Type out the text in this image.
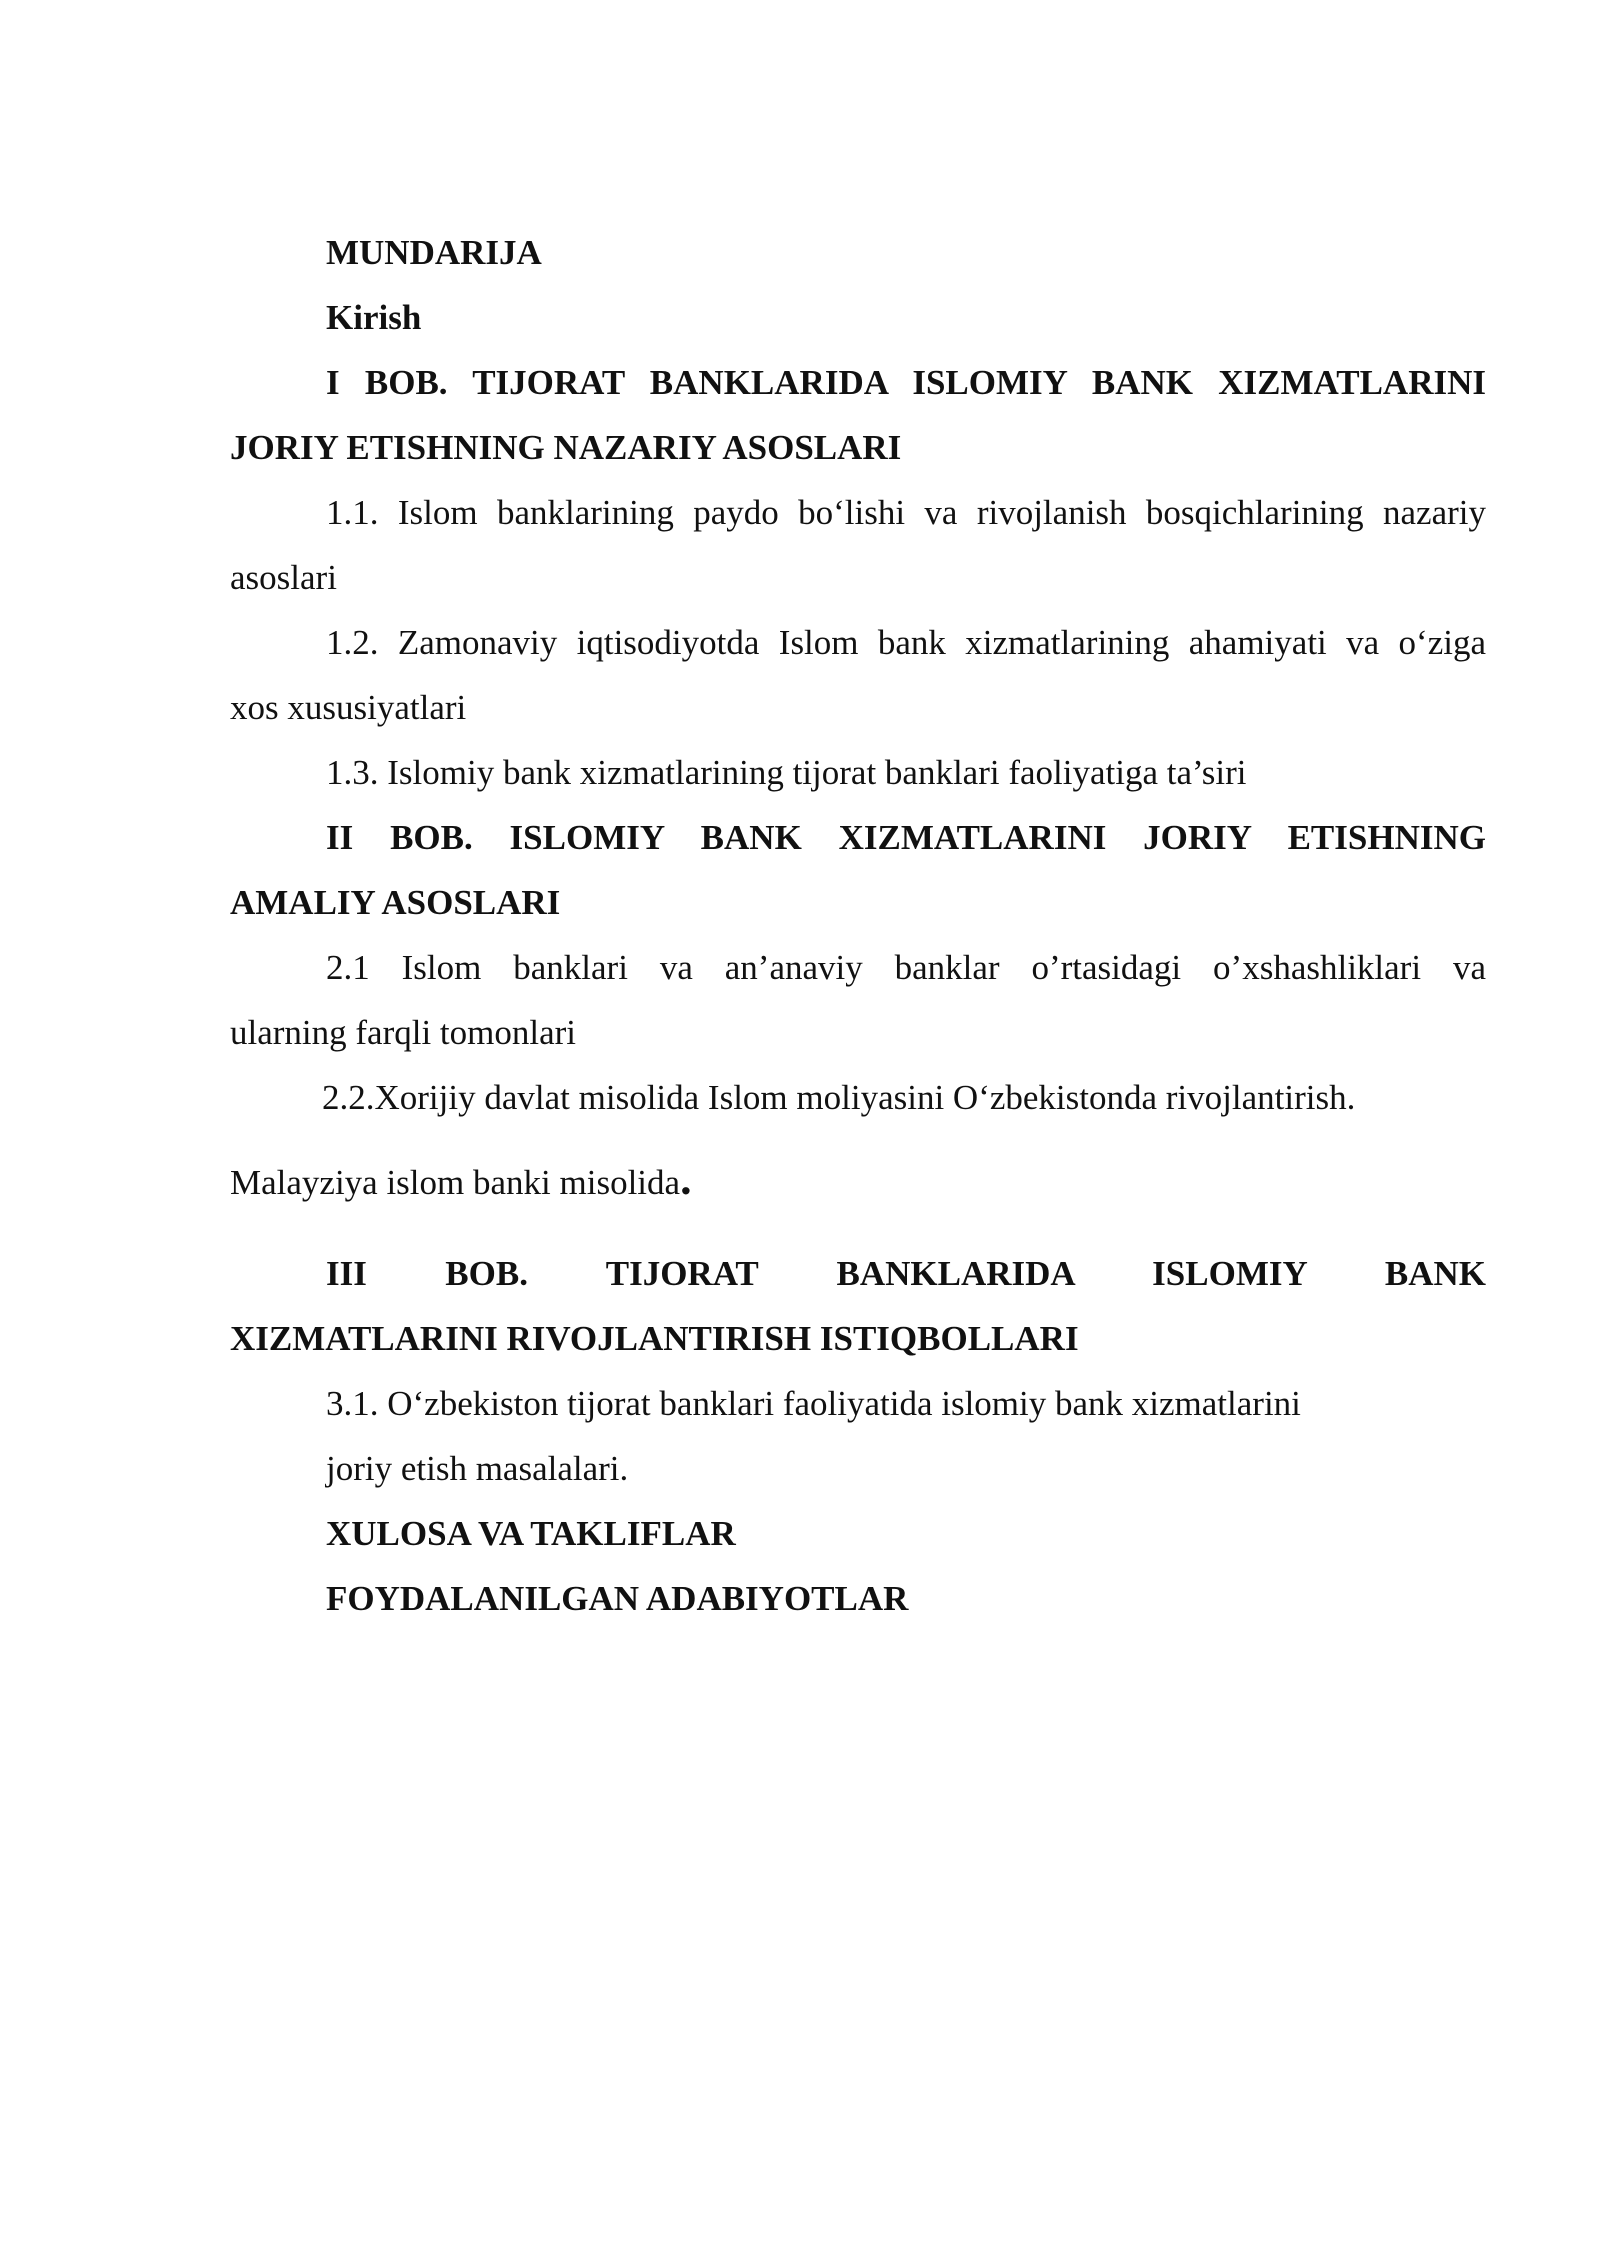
MUNDARIJA
Kirish
I BOB. TIJORAT BANKLARIDA ISLOMIY BANK XIZMATLARINI
JORIY ETISHNING NAZARIY ASOSLARI
1.1. Islom banklarining paydo bo‘lishi va rivojlanish bosqichlarining nazariy
asoslari
1.2. Zamonaviy iqtisodiyotda Islom bank xizmatlarining ahamiyati va o‘ziga
xos xususiyatlari
1.3. Islomiy bank xizmatlarining tijorat banklari faoliyatiga ta’siri
II BOB. ISLOMIY BANK XIZMATLARINI JORIY ETISHNING
AMALIY ASOSLARI
2.1 Islom banklari va an’anaviy banklar o’rtasidagi o’xshashliklari va
ularning farqli tomonlari
2.2.Xorijiy davlat misolida Islom moliyasini O‘zbekistonda rivojlantirish.
Malayziya islom banki misolida.
III BOB. TIJORAT BANKLARIDA ISLOMIY BANK
XIZMATLARINI RIVOJLANTIRISH ISTIQBOLLARI
3.1. O‘zbekiston tijorat banklari faoliyatida islomiy bank xizmatlarini
joriy etish masalalari.
XULOSA VA TAKLIFLAR
FOYDALANILGAN ADABIYOTLAR
